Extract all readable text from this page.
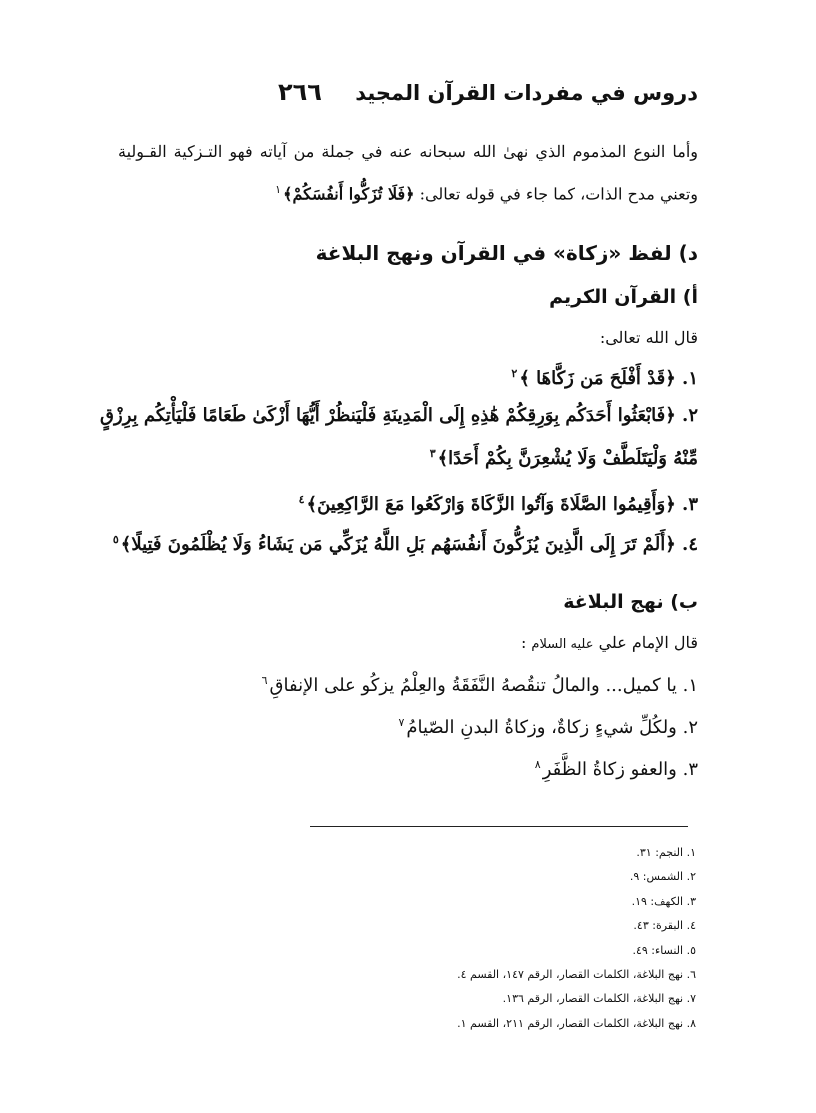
دروس في مفردات القرآن المجيد ٢٦٦
وأما النوع المذموم الذي نهىٰ الله سبحانه عنه في جملة من آياته فهو التـزكية القـولية
وتعني مدح الذات، كما جاء في قوله تعالى: ﴿فَلَا تُزَكُّوا أَنفُسَكُمْ﴾$^١$
د) لفظ «زكاة» في القرآن ونهج البلاغة
أ) القرآن الكريم
قال الله تعالى:
١. ﴿قَدْ أَفْلَحَ مَن زَكَّاهَا ﴾$^٢$
٢. ﴿فَابْعَثُوا أَحَدَكُم بِوَرِقِكُمْ هَٰذِهِ إِلَى الْمَدِينَةِ فَلْيَنظُرْ أَيُّهَا أَزْكَىٰ طَعَامًا فَلْيَأْتِكُم بِرِزْقٍ
مِّنْهُ وَلْيَتَلَطَّفْ وَلَا يُشْعِرَنَّ بِكُمْ أَحَدًا﴾$^٣$
٣. ﴿وَأَقِيمُوا الصَّلَاةَ وَآتُوا الزَّكَاةَ وَارْكَعُوا مَعَ الرَّاكِعِينَ﴾$^٤$
٤. ﴿أَلَمْ تَرَ إِلَى الَّذِينَ يُزَكُّونَ أَنفُسَهُم بَلِ اللَّهُ يُزَكِّي مَن يَشَاءُ وَلَا يُظْلَمُونَ فَتِيلًا﴾$^٥$
ب) نهج البلاغة
قال الإمام علي عليه السلام :
١. يا كميل... والمالُ تنقُصهُ النَّفَقَةُ والعِلْمُ يزكُو على الإنفاقِ$^٦$
٢. ولكُلِّ شيءٍ زكاةٌ، وزكاةُ البدنِ الصّيامُ$^٧$
٣. والعفو زكاةُ الظَّفَرِ$^٨$
١. النجم: ٣١.
٢. الشمس: ٩.
٣. الكهف: ١٩.
٤. البقرة: ٤٣.
٥. النساء: ٤٩.
٦. نهج البلاغة، الكلمات القصار، الرقم ١٤٧، القسم ٤.
٧. نهج البلاغة، الكلمات القصار، الرقم ١٣٦.
٨. نهج البلاغة، الكلمات القصار، الرقم ٢١١، القسم ١.
